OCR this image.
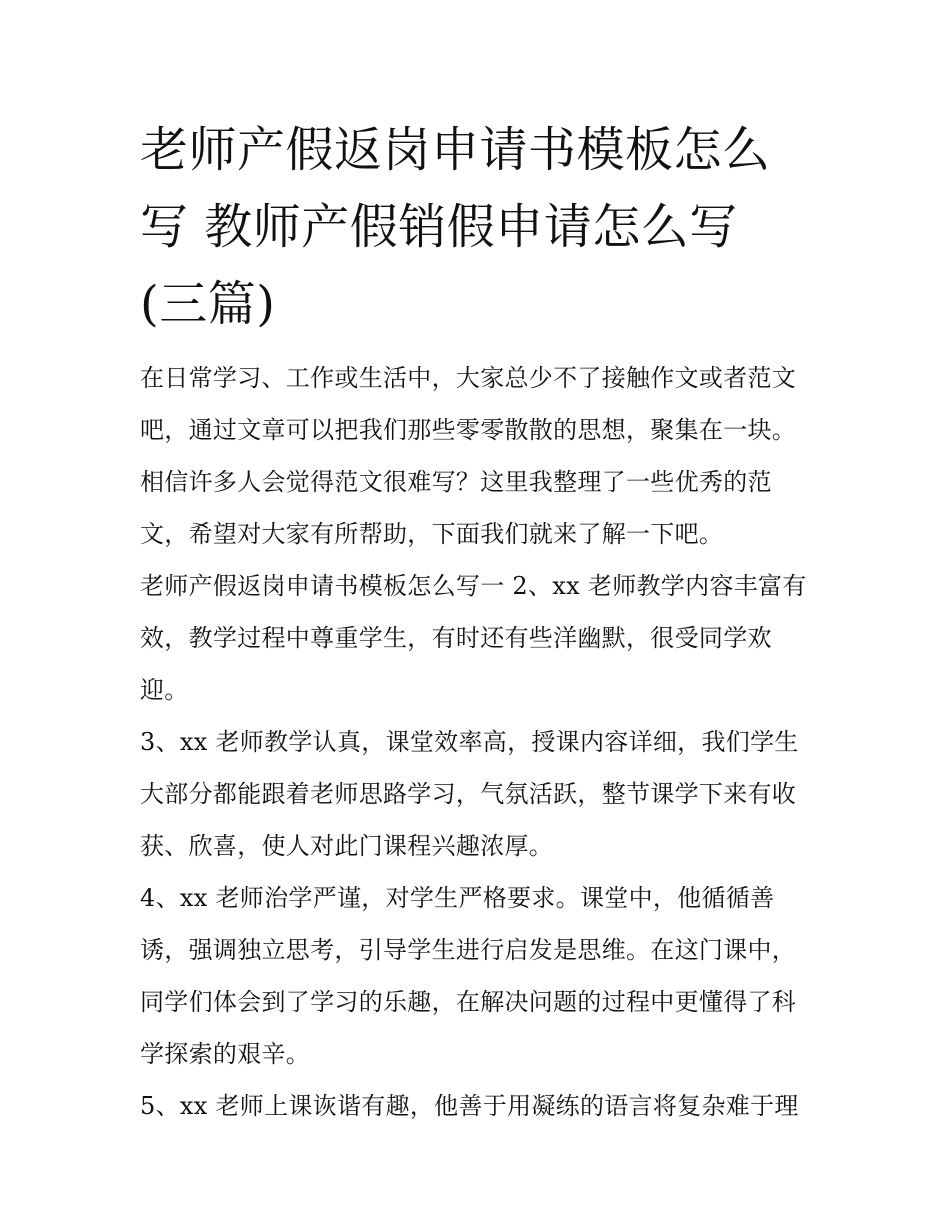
老师产假返岗申请书模板怎么
写 教师产假销假申请怎么写
(三篇)
在日常学习、工作或生活中，大家总少不了接触作文或者范文
吧，通过文章可以把我们那些零零散散的思想，聚集在一块。
相信许多人会觉得范文很难写？这里我整理了一些优秀的范
文，希望对大家有所帮助，下面我们就来了解一下吧。
老师产假返岗申请书模板怎么写一 2、xx 老师教学内容丰富有
效，教学过程中尊重学生，有时还有些洋幽默，很受同学欢
迎。
3、xx 老师教学认真，课堂效率高，授课内容详细，我们学生
大部分都能跟着老师思路学习，气氛活跃，整节课学下来有收
获、欣喜，使人对此门课程兴趣浓厚。
4、xx 老师治学严谨，对学生严格要求。课堂中，他循循善
诱，强调独立思考，引导学生进行启发是思维。在这门课中，
同学们体会到了学习的乐趣，在解决问题的过程中更懂得了科
学探索的艰辛。
5、xx 老师上课诙谐有趣，他善于用凝练的语言将复杂难于理
